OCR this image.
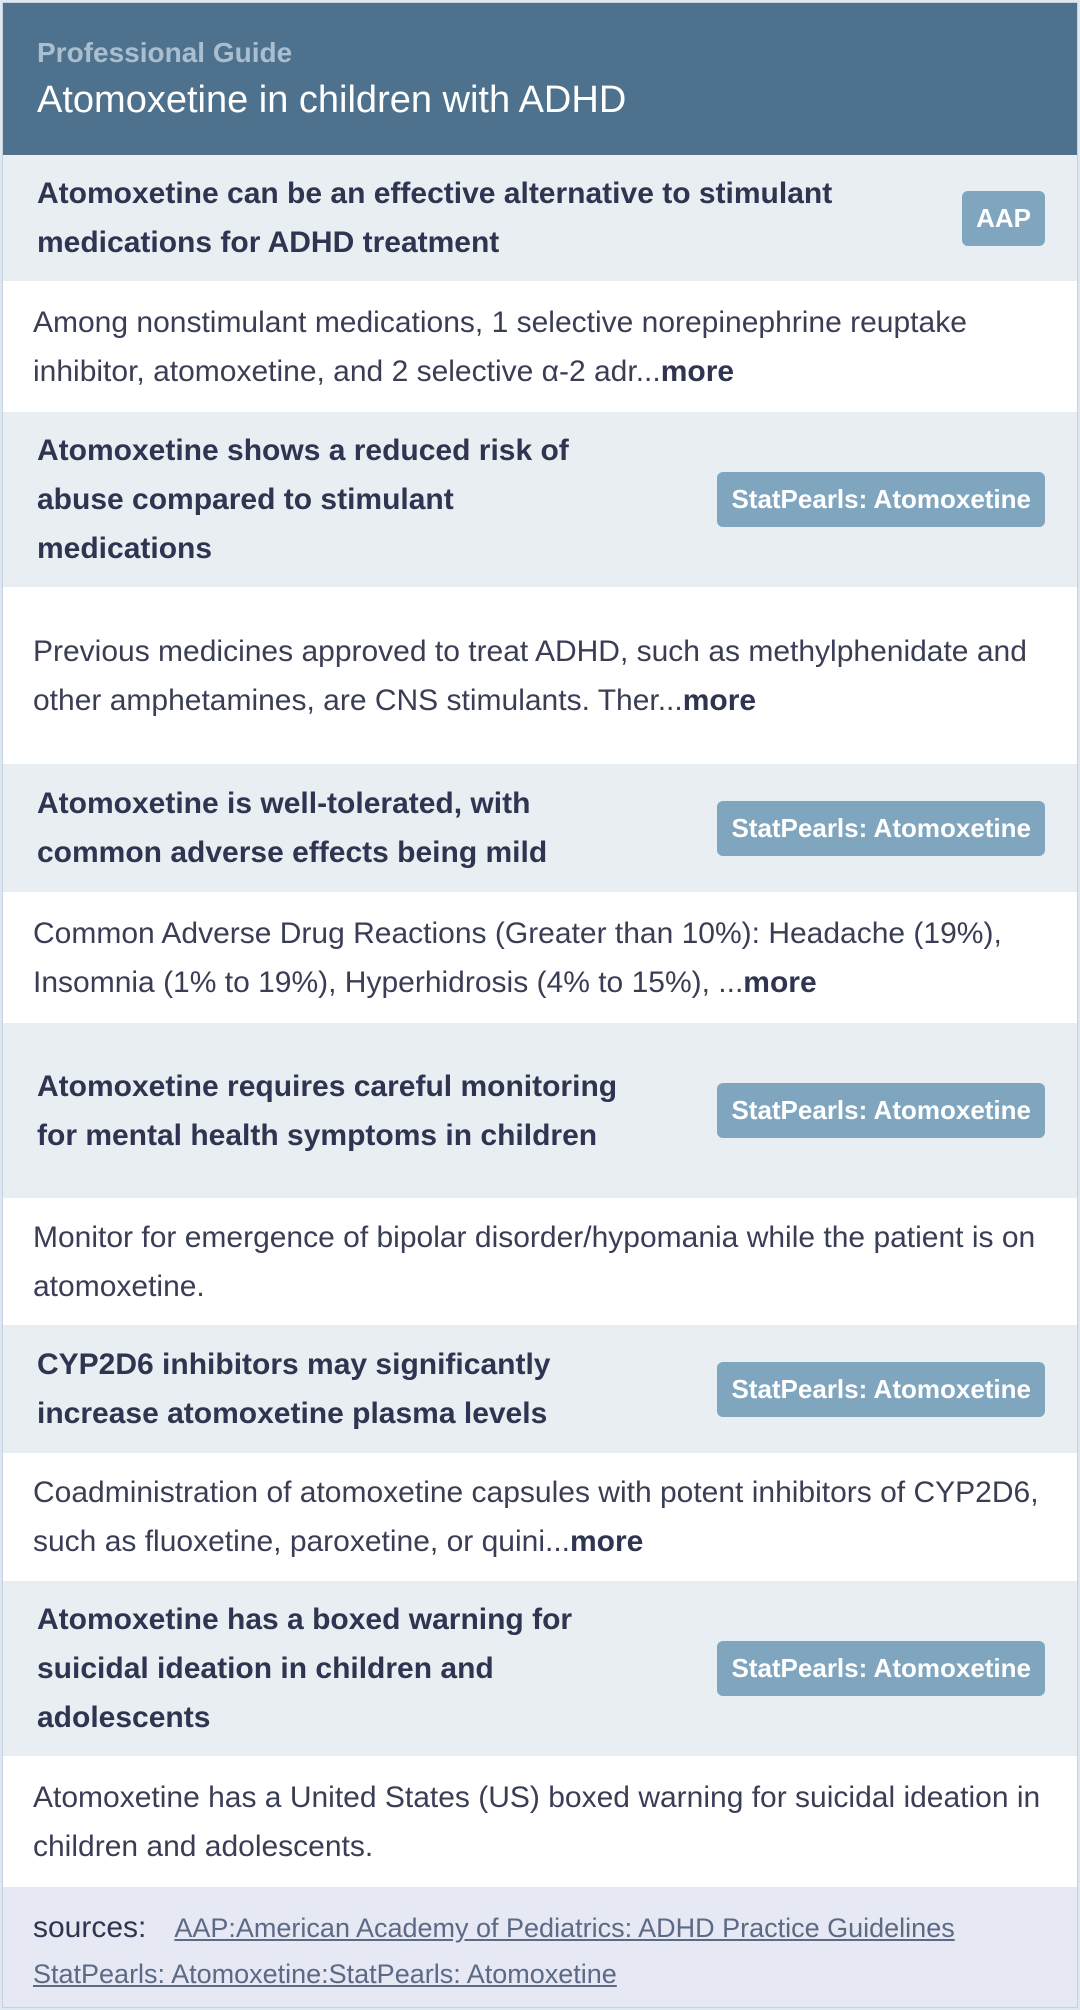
Professional Guide
Atomoxetine in children with ADHD
Atomoxetine can be an effective alternative to stimulant medications for ADHD treatment
AAP
Among nonstimulant medications, 1 selective norepinephrine reuptake inhibitor, atomoxetine, and 2 selective α-2 adr...more
Atomoxetine shows a reduced risk of abuse compared to stimulant medications
StatPearls: Atomoxetine
Previous medicines approved to treat ADHD, such as methylphenidate and other amphetamines, are CNS stimulants. Ther...more
Atomoxetine is well-tolerated, with common adverse effects being mild
StatPearls: Atomoxetine
Common Adverse Drug Reactions (Greater than 10%): Headache (19%), Insomnia (1% to 19%), Hyperhidrosis (4% to 15%), ...more
Atomoxetine requires careful monitoring for mental health symptoms in children
StatPearls: Atomoxetine
Monitor for emergence of bipolar disorder/hypomania while the patient is on atomoxetine.
CYP2D6 inhibitors may significantly increase atomoxetine plasma levels
StatPearls: Atomoxetine
Coadministration of atomoxetine capsules with potent inhibitors of CYP2D6, such as fluoxetine, paroxetine, or quini...more
Atomoxetine has a boxed warning for suicidal ideation in children and adolescents
StatPearls: Atomoxetine
Atomoxetine has a United States (US) boxed warning for suicidal ideation in children and adolescents.
sources: AAP:American Academy of Pediatrics: ADHD Practice GuidelinesStatPearls: Atomoxetine:StatPearls: Atomoxetine
